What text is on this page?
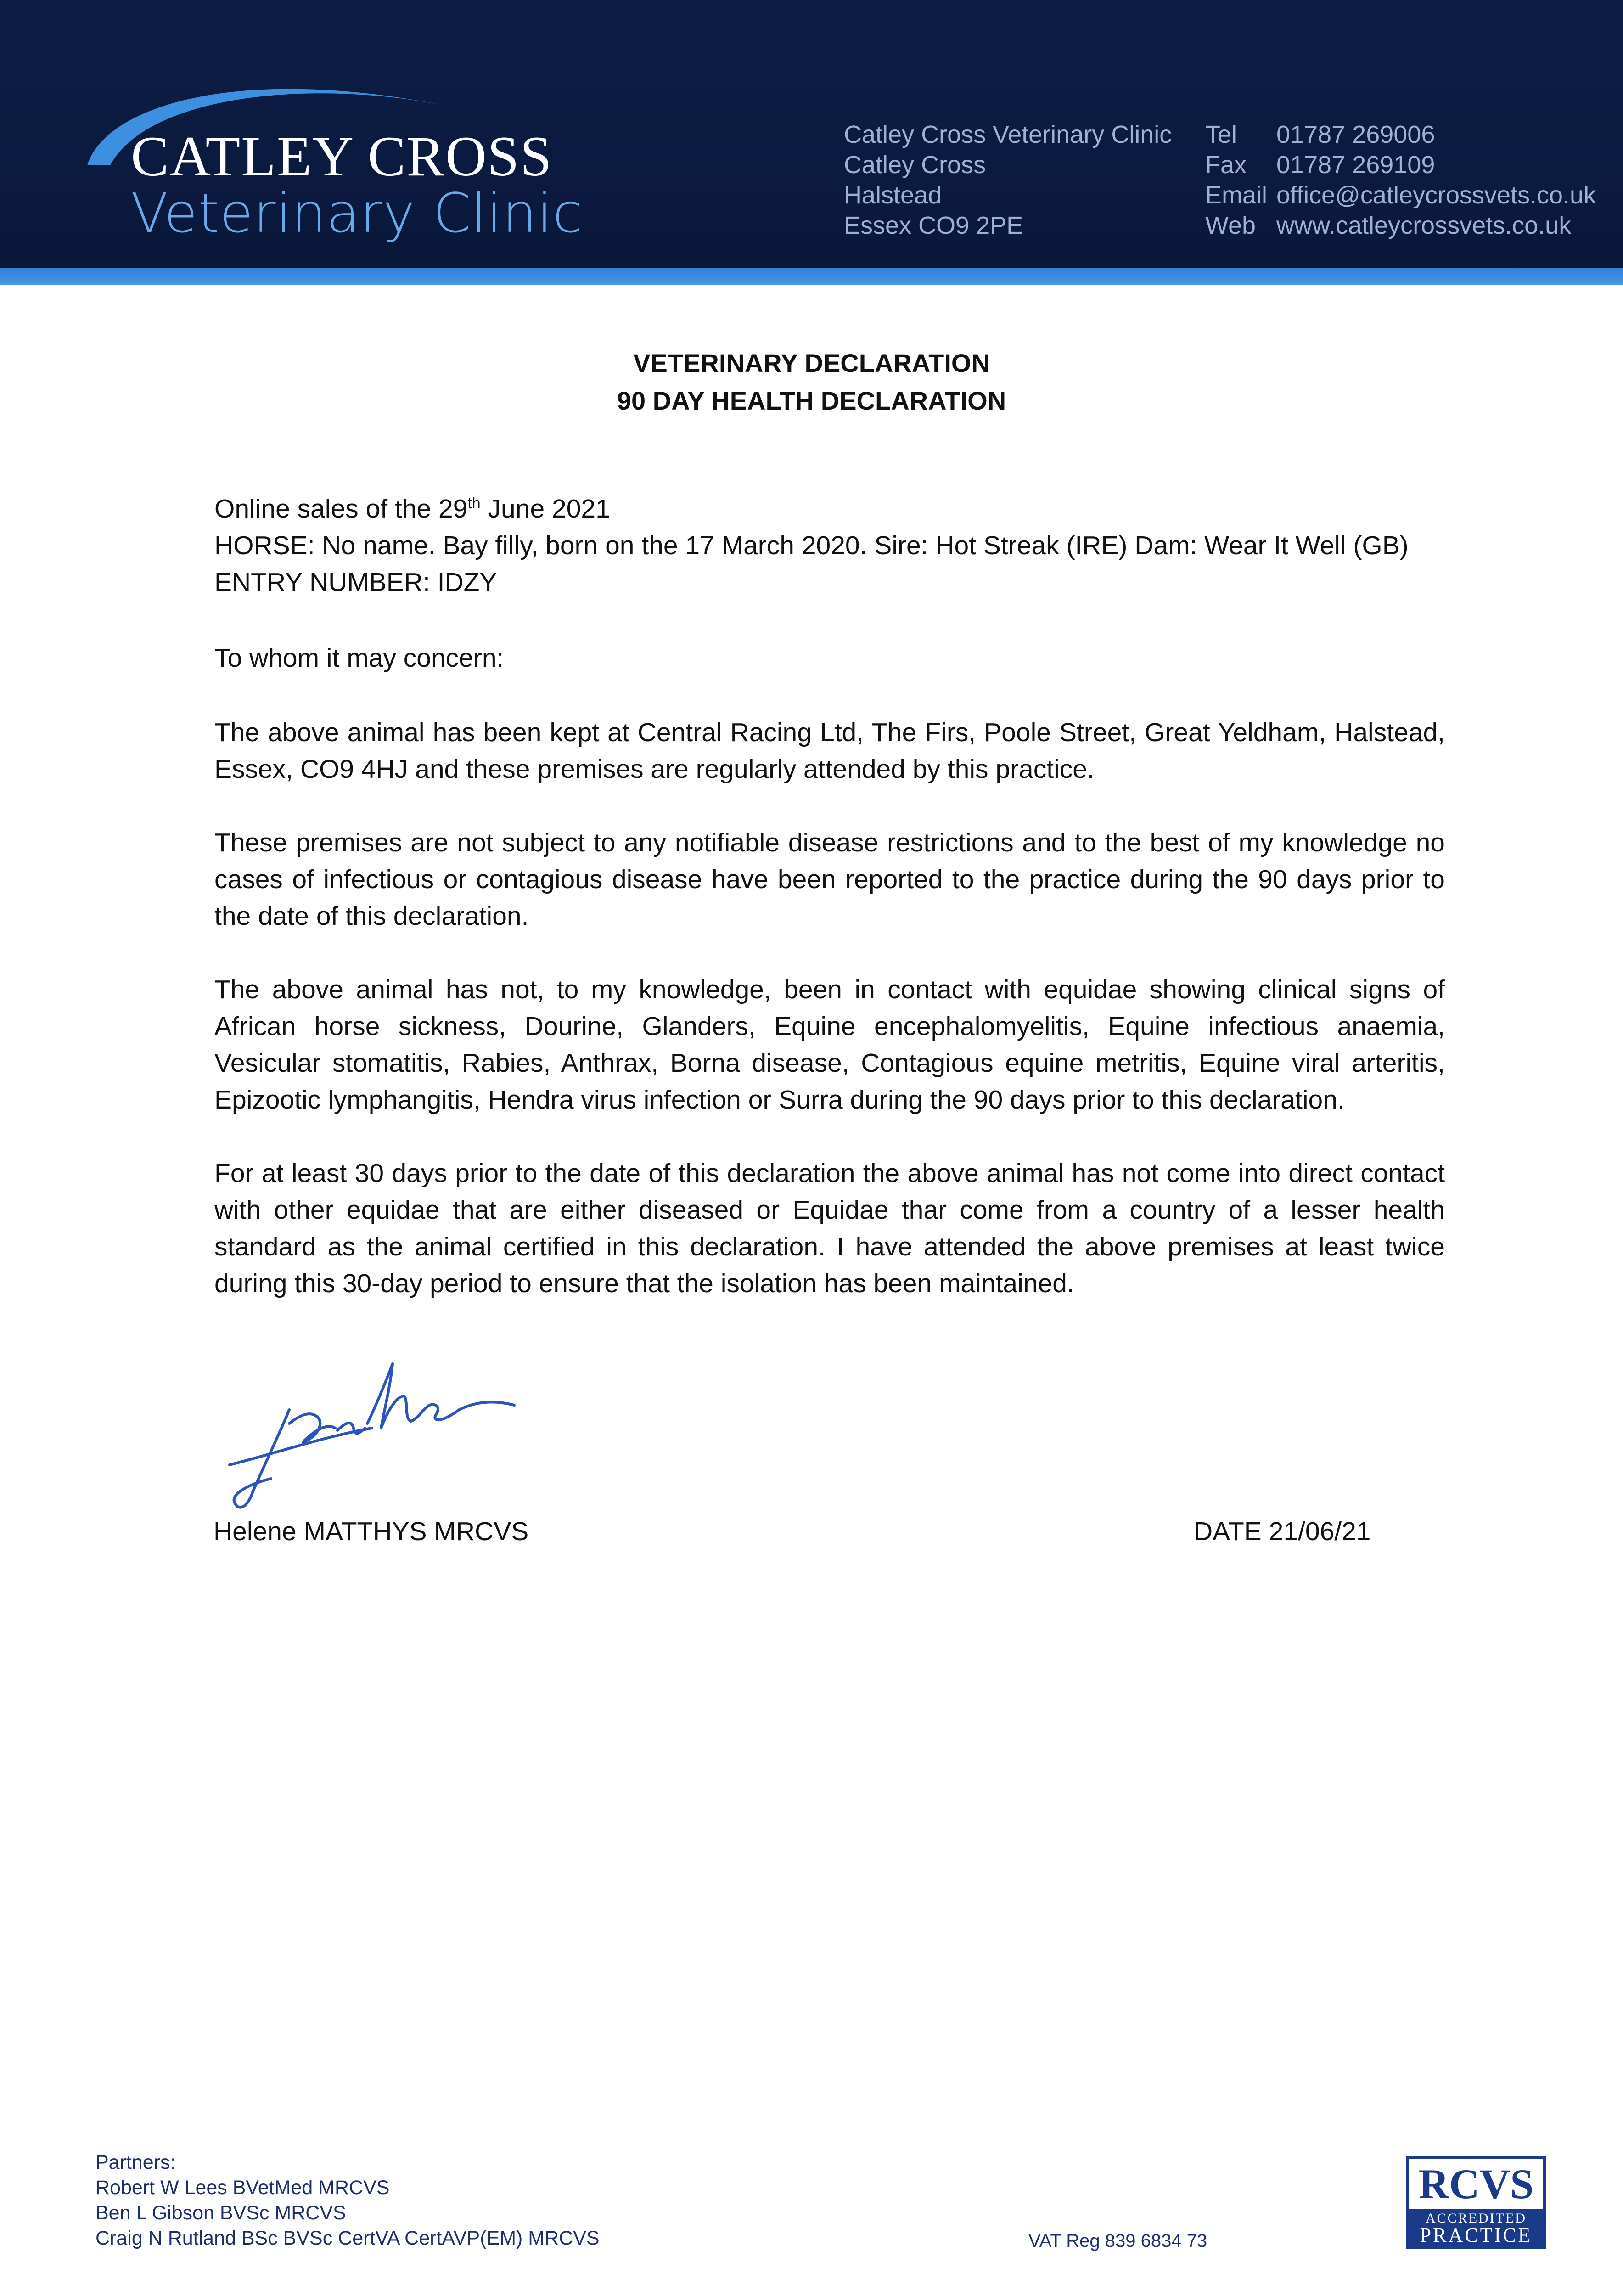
CATLEY CROSS
Veterinary Clinic
Catley Cross Veterinary Clinic
Catley Cross
Halstead
Essex CO9 2PE
Tel 01787 269006
Fax 01787 269109
Email office@catleycrossvets.co.uk
Web www.catleycrossvets.co.uk
VETERINARY DECLARATION
90 DAY HEALTH DECLARATION
Online sales of the 29th June 2021
HORSE: No name. Bay filly, born on the 17 March 2020. Sire: Hot Streak (IRE) Dam: Wear It Well (GB)
ENTRY NUMBER: IDZY
To whom it may concern:
The above animal has been kept at Central Racing Ltd, The Firs, Poole Street, Great Yeldham, Halstead, Essex, CO9 4HJ and these premises are regularly attended by this practice.
These premises are not subject to any notifiable disease restrictions and to the best of my knowledge no cases of infectious or contagious disease have been reported to the practice during the 90 days prior to the date of this declaration.
The above animal has not, to my knowledge, been in contact with equidae showing clinical signs of African horse sickness, Dourine, Glanders, Equine encephalomyelitis, Equine infectious anaemia, Vesicular stomatitis, Rabies, Anthrax, Borna disease, Contagious equine metritis, Equine viral arteritis, Epizootic lymphangitis, Hendra virus infection or Surra during the 90 days prior to this declaration.
For at least 30 days prior to the date of this declaration the above animal has not come into direct contact with other equidae that are either diseased or Equidae thar come from a country of a lesser health standard as the animal certified in this declaration. I have attended the above premises at least twice during this 30-day period to ensure that the isolation has been maintained.
Helene MATTHYS MRCVS	DATE 21/06/21
Partners:
Robert W Lees BVetMed MRCVS
Ben L Gibson BVSc MRCVS
Craig N Rutland BSc BVSc CertVA CertAVP(EM) MRCVS	VAT Reg 839 6834 73
RCVS
ACCREDITED
PRACTICE
